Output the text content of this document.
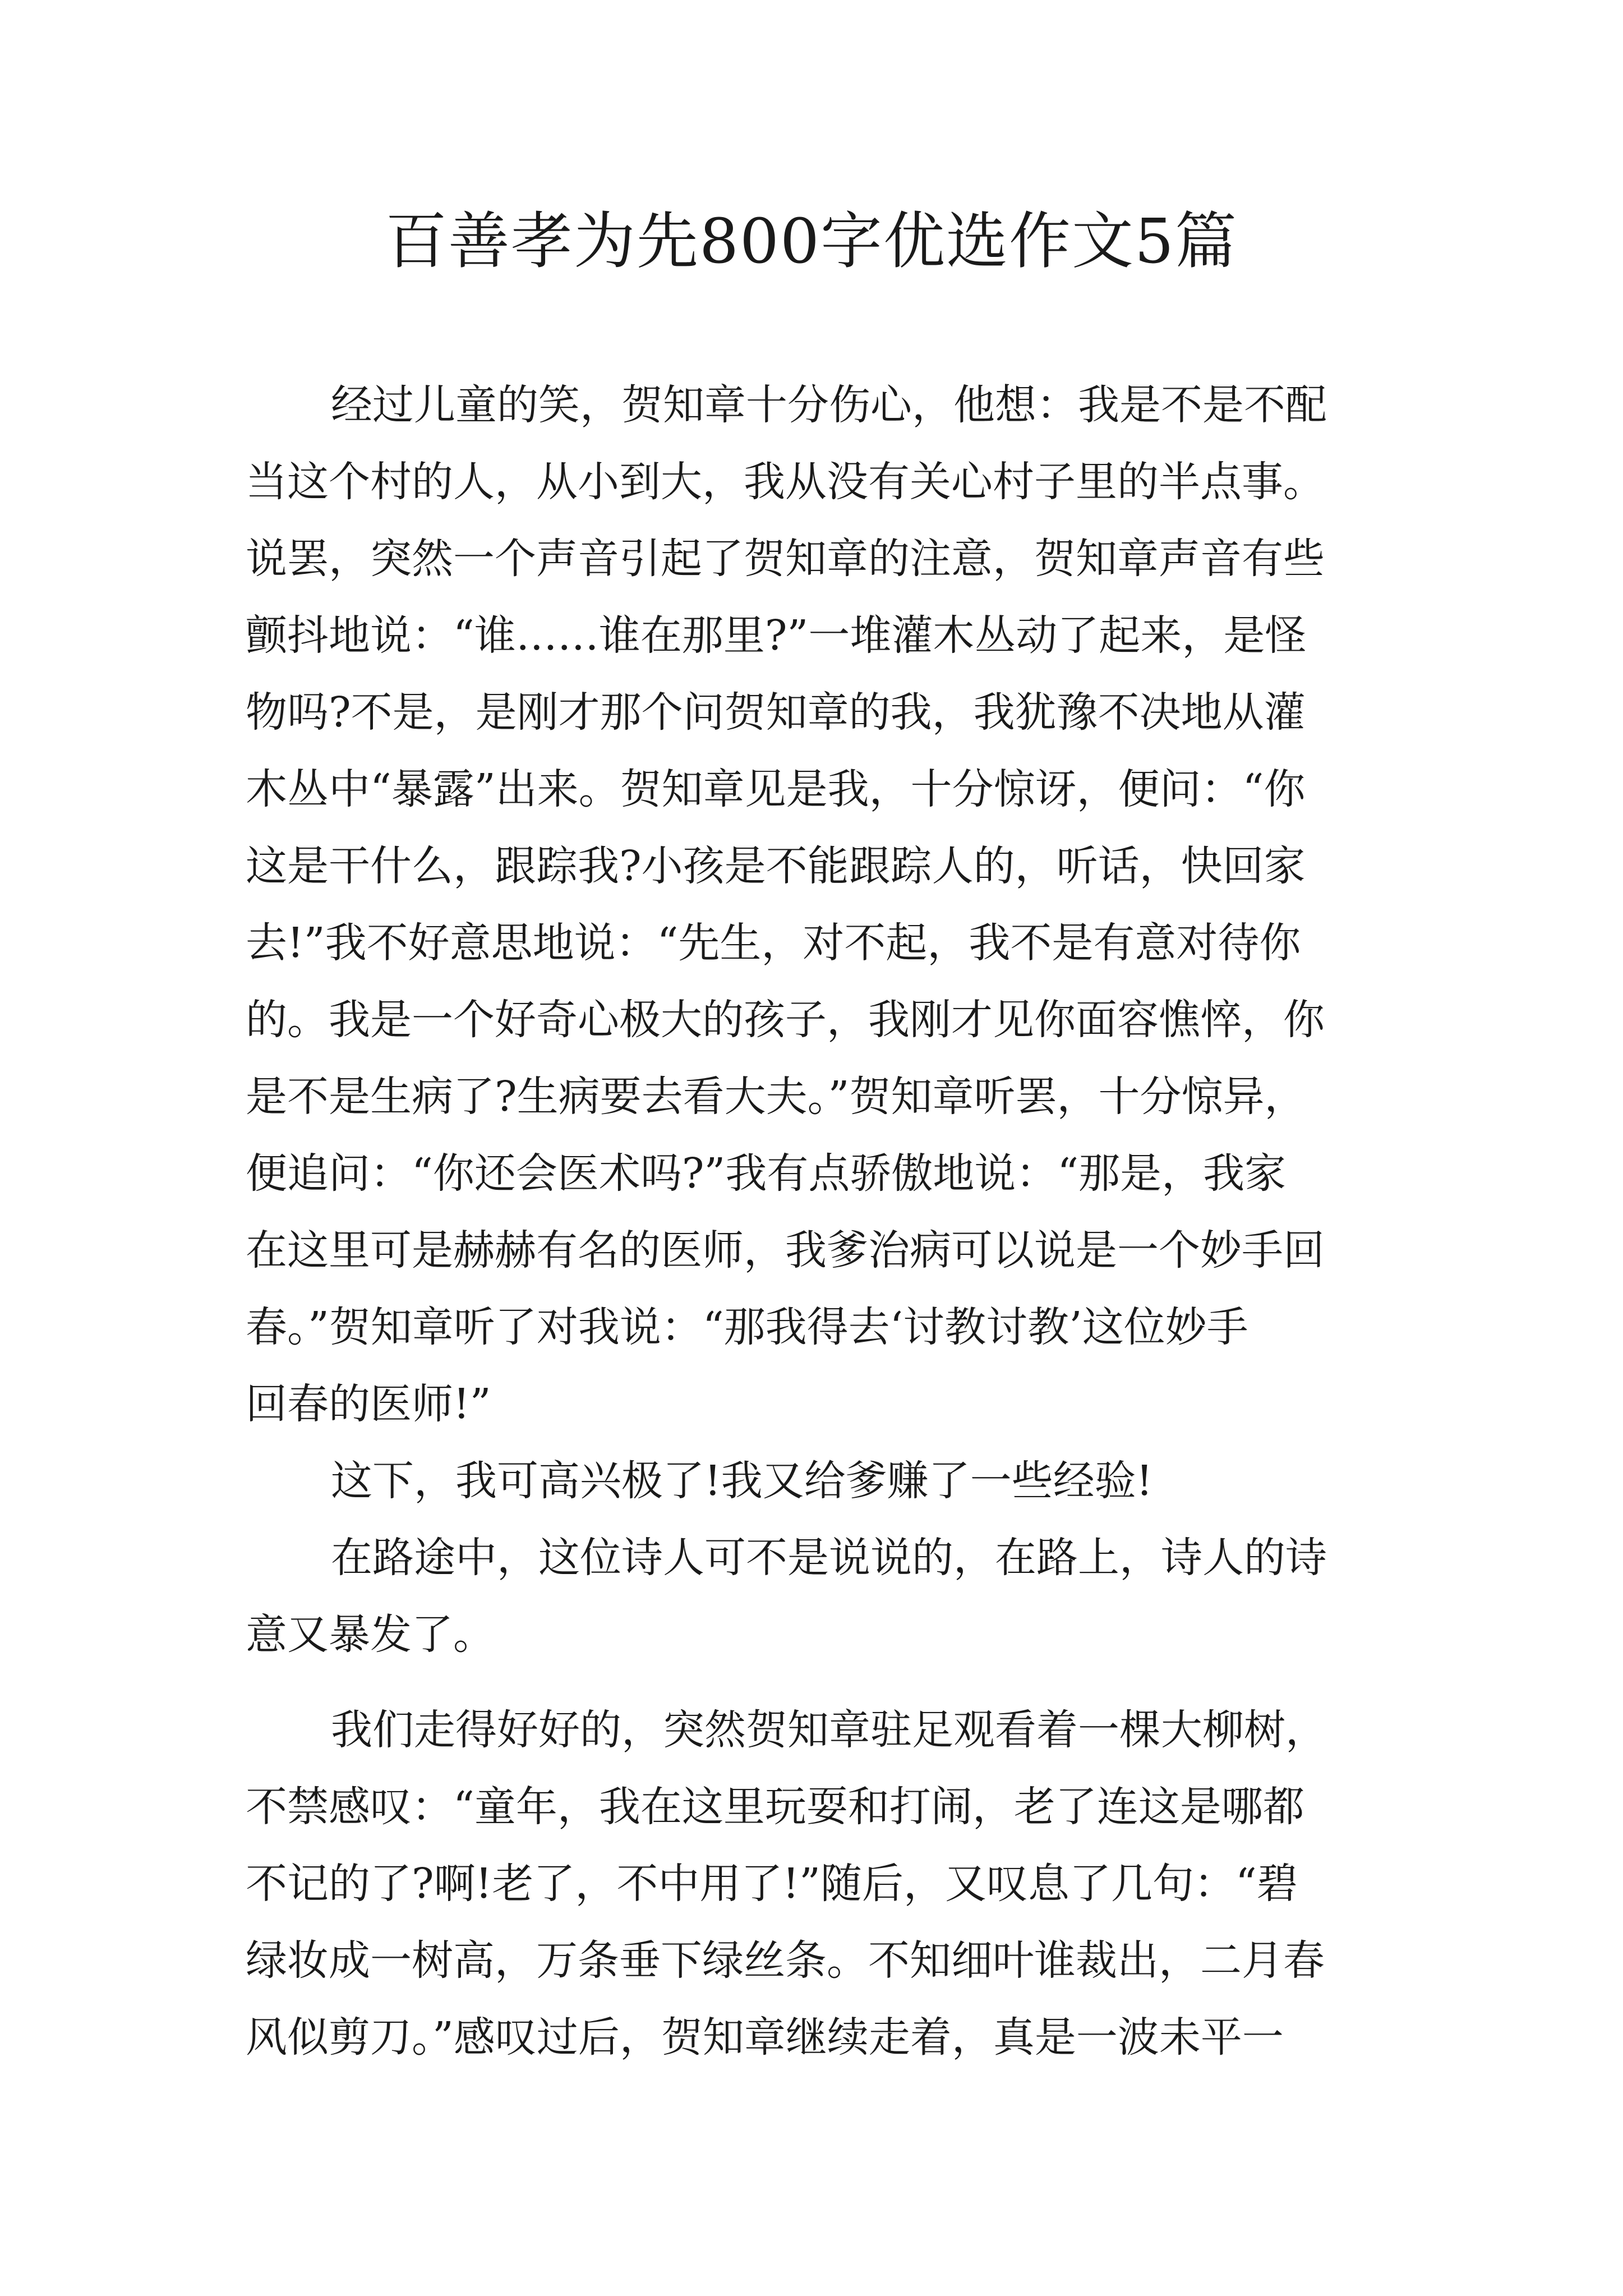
百善孝为先800字优选作文5篇
经过儿童的笑，贺知章十分伤心，他想：我是不是不配
当这个村的人，从小到大，我从没有关心村子里的半点事。
说罢，突然一个声音引起了贺知章的注意，贺知章声音有些
颤抖地说：“谁……谁在那里?”一堆灌木丛动了起来，是怪
物吗?不是，是刚才那个问贺知章的我，我犹豫不决地从灌
木丛中“暴露”出来。贺知章见是我，十分惊讶，便问：“你
这是干什么，跟踪我?小孩是不能跟踪人的，听话，快回家
去!”我不好意思地说：“先生，对不起，我不是有意对待你
的。我是一个好奇心极大的孩子，我刚才见你面容憔悴，你
是不是生病了?生病要去看大夫。”贺知章听罢，十分惊异，
便追问：“你还会医术吗?”我有点骄傲地说：“那是，我家
在这里可是赫赫有名的医师，我爹治病可以说是一个妙手回
春。”贺知章听了对我说：“那我得去‘讨教讨教’这位妙手
回春的医师!”
这下，我可高兴极了!我又给爹赚了一些经验!
在路途中，这位诗人可不是说说的，在路上，诗人的诗
意又暴发了。
我们走得好好的，突然贺知章驻足观看着一棵大柳树，
不禁感叹：“童年，我在这里玩耍和打闹，老了连这是哪都
不记的了?啊!老了，不中用了!”随后，又叹息了几句：“碧
绿妆成一树高，万条垂下绿丝条。不知细叶谁裁出，二月春
风似剪刀。”感叹过后，贺知章继续走着，真是一波未平一
